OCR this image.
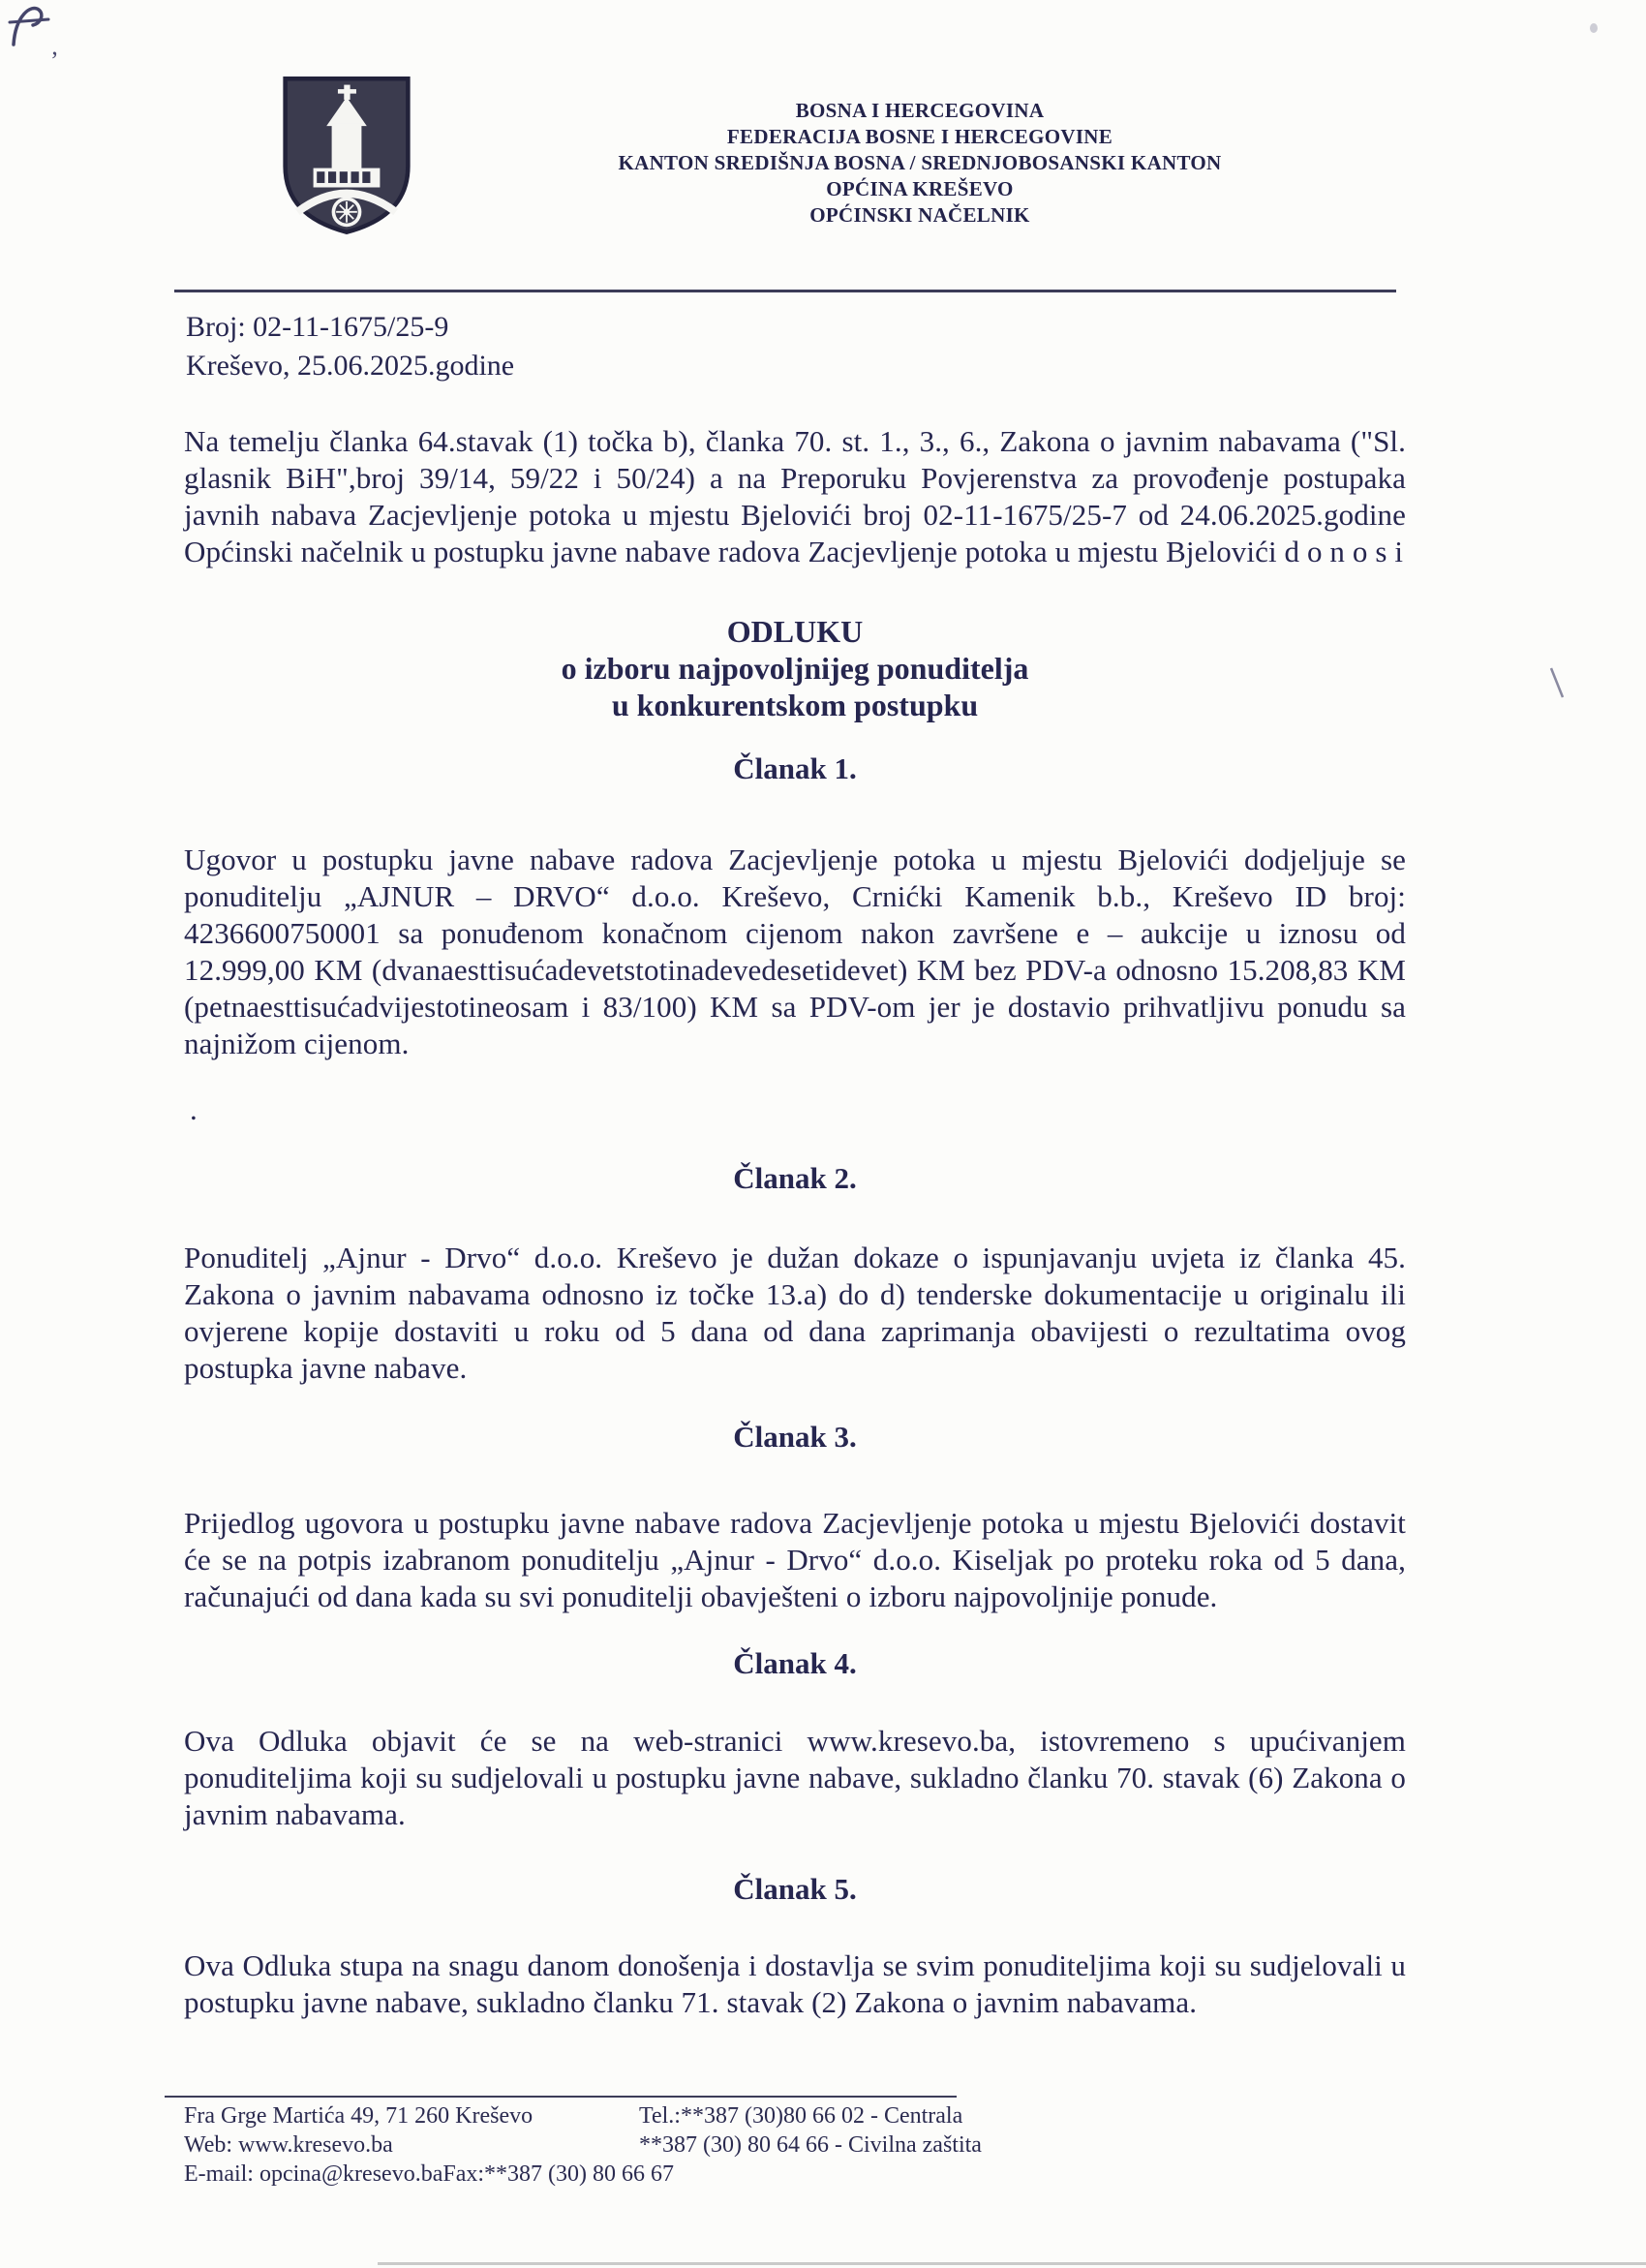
’
BOSNA I HERCEGOVINA
FEDERACIJA BOSNE I HERCEGOVINE
KANTON SREDIŠNJA BOSNA / SREDNJOBOSANSKI KANTON
OPĆINA KREŠEVO
OPĆINSKI NAČELNIK
Broj: 02-11-1675/25-9
Kreševo, 25.06.2025.godine
Na temelju članka 64.stavak (1) točka b), članka 70. st. 1., 3., 6., Zakona o javnim nabavama ("Sl. glasnik BiH",broj 39/14, 59/22 i 50/24) a na Preporuku Povjerenstva za provođenje postupaka javnih nabava Zacjevljenje potoka u mjestu Bjelovići broj 02-11-1675/25-7 od 24.06.2025.godine Općinski načelnik u postupku javne nabave radova Zacjevljenje potoka u mjestu Bjelovići d o n o s i
ODLUKU
o izboru najpovoljnijeg ponuditelja
u konkurentskom postupku
Članak 1.
Ugovor u postupku javne nabave radova Zacjevljenje potoka u mjestu Bjelovići dodjeljuje se ponuditelju „AJNUR – DRVO“ d.o.o. Kreševo, Crnićki Kamenik b.b., Kreševo ID broj: 4236600750001 sa ponuđenom konačnom cijenom nakon završene e – aukcije u iznosu od 12.999,00 KM (dvanaesttisućadevetstotinadevedesetidevet) KM bez PDV-a odnosno 15.208,83 KM (petnaesttisućadvijestotineosam i 83/100) KM sa PDV-om jer je dostavio prihvatljivu ponudu sa najnižom cijenom.
.
Članak 2.
Ponuditelj „Ajnur - Drvo“ d.o.o. Kreševo je dužan dokaze o ispunjavanju uvjeta iz članka 45. Zakona o javnim nabavama odnosno iz točke 13.a) do d) tenderske dokumentacije u originalu ili ovjerene kopije dostaviti u roku od 5 dana od dana zaprimanja obavijesti o rezultatima ovog postupka javne nabave.
Članak 3.
Prijedlog ugovora u postupku javne nabave radova Zacjevljenje potoka u mjestu Bjelovići dostavit će se na potpis izabranom ponuditelju „Ajnur - Drvo“ d.o.o. Kiseljak po proteku roka od 5 dana, računajući od dana kada su svi ponuditelji obavješteni o izboru najpovoljnije ponude.
Članak 4.
Ova Odluka objavit će se na web-stranici www.kresevo.ba, istovremeno s upućivanjem ponuditeljima koji su sudjelovali u postupku javne nabave, sukladno članku 70. stavak (6) Zakona o javnim nabavama.
Članak 5.
Ova Odluka stupa na snagu danom donošenja i dostavlja se svim ponuditeljima koji su sudjelovali u postupku javne nabave, sukladno članku 71. stavak (2) Zakona o javnim nabavama.
Fra Grge Martića 49, 71 260 Kreševo	Tel.:**387 (30)80 66 02 - Centrala
Web: www.kresevo.ba	**387 (30) 80 64 66 - Civilna zaštita
E-mail: opcina@kresevo.baFax:**387 (30) 80 66 67
